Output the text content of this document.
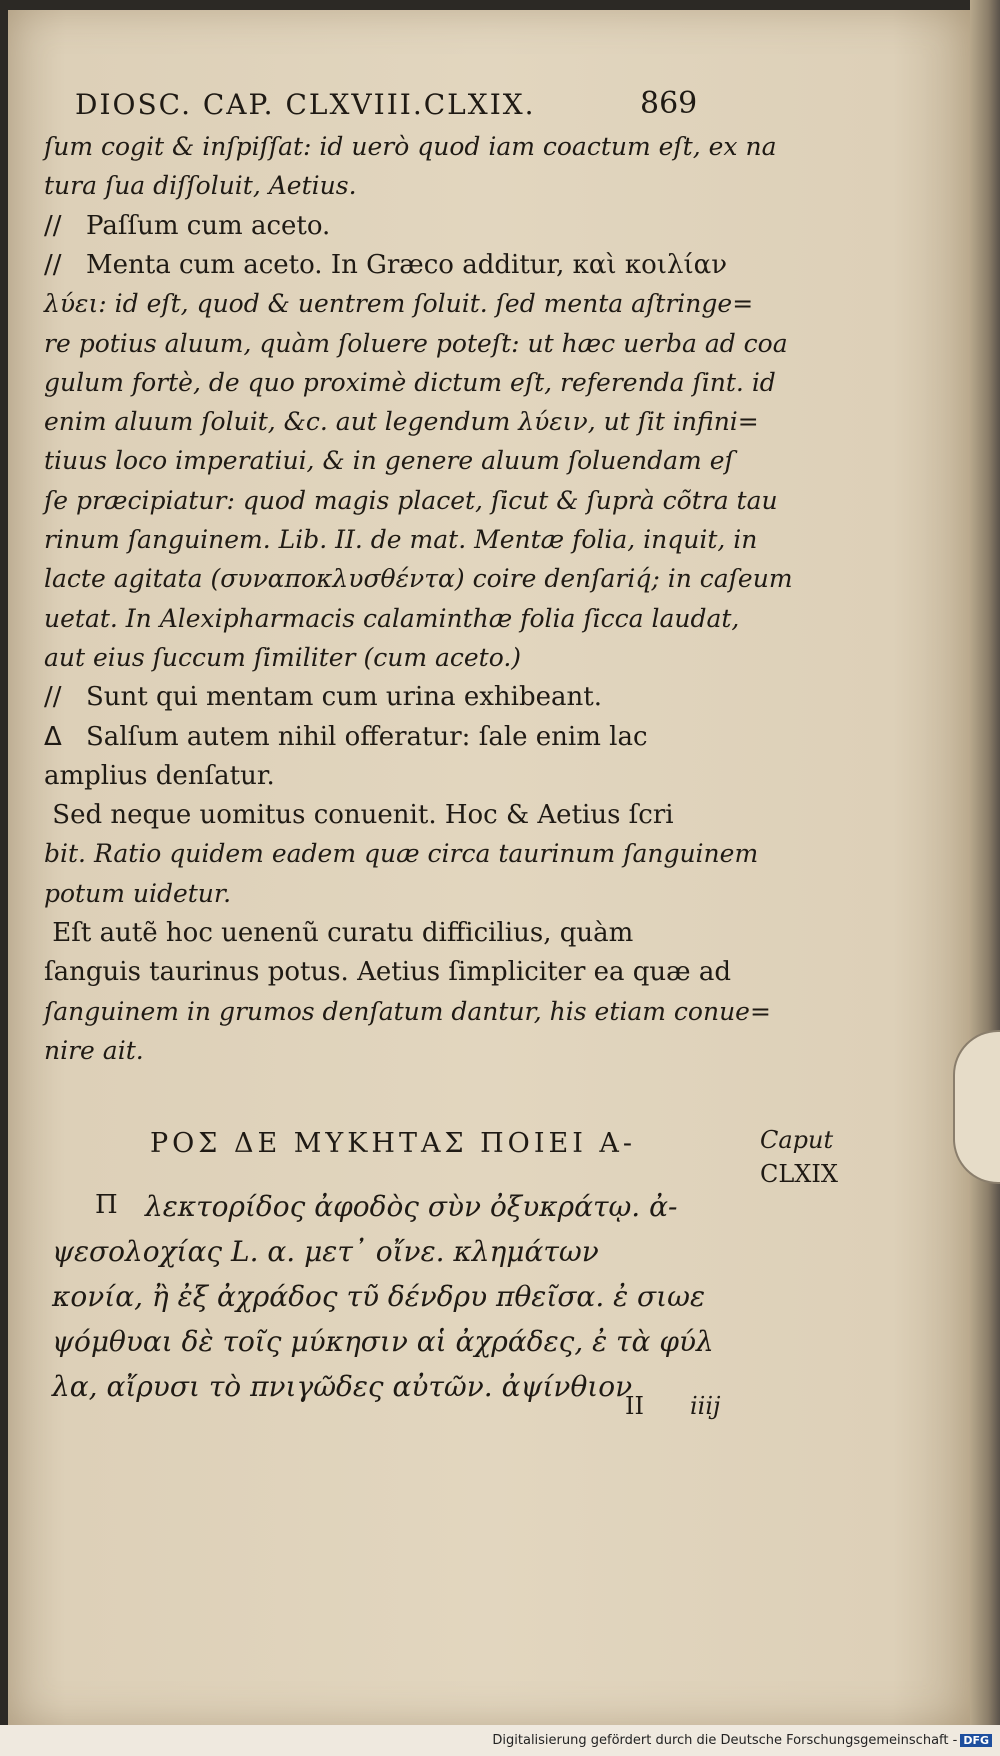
DIOSC. CAP. CLXVIII.CLXIX.	869
ſum cogit & inſpiſſat: id uerò quod iam coactum eſt, ex na
tura ſua diſſoluit, Aetius.
// Paſſum cum aceto.
// Menta cum aceto. In Græco additur, καὶ κοιλίαν
λύει: id eſt, quod & uentrem ſoluit. ſed menta aſtringe=
re potius aluum, quàm ſoluere poteſt: ut hæc uerba ad coa
gulum fortè, de quo proximè dictum eſt, referenda ſint. id
enim aluum ſoluit, &c. aut legendum λύειν, ut ſit infini=
tiuus loco imperatiui, & in genere aluum ſoluendam eſ
ſe præcipiatur: quod magis placet, ſicut & ſuprà cõtra tau
rinum ſanguinem. Lib. II. de mat. Mentæ folia, inquit, in
lacte agitata (συναποκλυσθέντα) coire denſariq́; in caſeum
uetat. In Alexipharmacis calaminthæ folia ſicca laudat,
aut eius ſuccum ſimiliter (cum aceto.)
// Sunt qui mentam cum urina exhibeant.
Δ Salſum autem nihil offeratur: ſale enim lac
amplius denſatur.
Sed neque uomitus conuenit. Hoc & Aetius ſcri
bit. Ratio quidem eadem quæ circa taurinum ſanguinem
potum uidetur.
Eſt autẽ hoc uenenũ curatu difficilius, quàm
ſanguis taurinus potus. Aetius ſimpliciter ea quæ ad
ſanguinem in grumos denſatum dantur, his etiam conue=
nire ait.
ΡΟΣ ΔΕ ΜΥΚΗΤΑΣ ΠΟΙΕΙ Α-	Caput
CLXIX
Π λεκτορίδος ἀφοδὸς σὺν ὀξυκράτῳ. ἀ-
ψεσολοχίας L. α. μετ᾽ οἴνε. κλημάτων
κονία, ἢ ἐξ ἀχράδος τῦ δένδρυ πθεῖσα. ἐ σιωε
ψόμθυαι δὲ τοῖς μύκησιν αἱ ἀχράδες, ἐ τὰ φύλ
λα, αἴρυσι τὸ πνιγῶδες αὐτῶν. ἀψίνθιον
II iiij
Digitalisierung gefördert durch die Deutsche Forschungsgemeinschaft - DFG
